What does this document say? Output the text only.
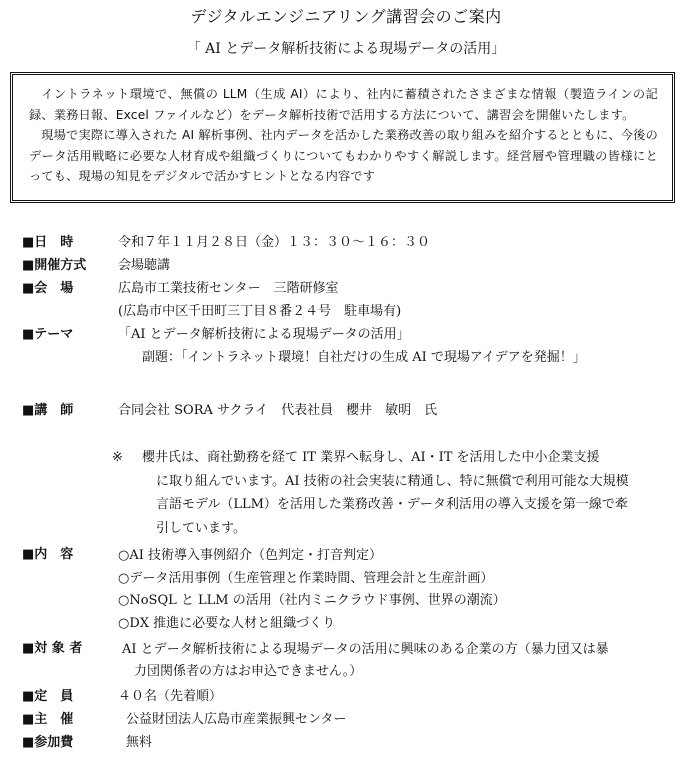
デジタルエンジニアリング講習会のご案内
「 AI とデータ解析技術による現場データの活用」

イントラネット環境で、無償の LLM（生成 AI）により、社内に蓄積されたさまざまな情報（製造ラインの記録、業務日報、Excel ファイルなど）をデータ解析技術で活用する方法について、講習会を開催いたします。

現場で実際に導入された AI 解析事例、社内データを活かした業務改善の取り組みを紹介するとともに、今後のデータ活用戦略に必要な人材育成や組織づくりについてもわかりやすく解説します。経営層や管理職の皆様にとっても、現場の知見をデジタルで活かすヒントとなる内容です

■日　時	令和７年１１月２８日（金）１３：３０〜１６：３０
■開催方式 会場聴講
■会　場	広島市工業技術センター　三階研修室
(広島市中区千田町三丁目８番２４号　駐車場有)
■テーマ	「AI とデータ解析技術による現場データの活用」
副題：「イントラネット環境！自社だけの生成 AI で現場アイデアを発掘！」
■講　師	合同会社 SORA サクライ　代表社員　櫻井　敏明　氏
※ 櫻井氏は、商社勤務を経て IT 業界へ転身し、AI・IT を活用した中小企業支援
に取り組んでいます。AI 技術の社会実装に精通し、特に無償で利用可能な大規模
言語モデル（LLM）を活用した業務改善・データ利活用の導入支援を第一線で牽
引しています。
■内　容	○AI 技術導入事例紹介（色判定・打音判定）
○データ活用事例（生産管理と作業時間、管理会計と生産計画）
○NoSQL と LLM の活用（社内ミニクラウド事例、世界の潮流）
○DX 推進に必要な人材と組織づくり
■対 象 者	AI とデータ解析技術による現場データの活用に興味のある企業の方（暴力団又は暴
力団関係者の方はお申込できません。）
■定　員	４０名（先着順）
■主　催	公益財団法人広島市産業振興センター
■参加費	無料
